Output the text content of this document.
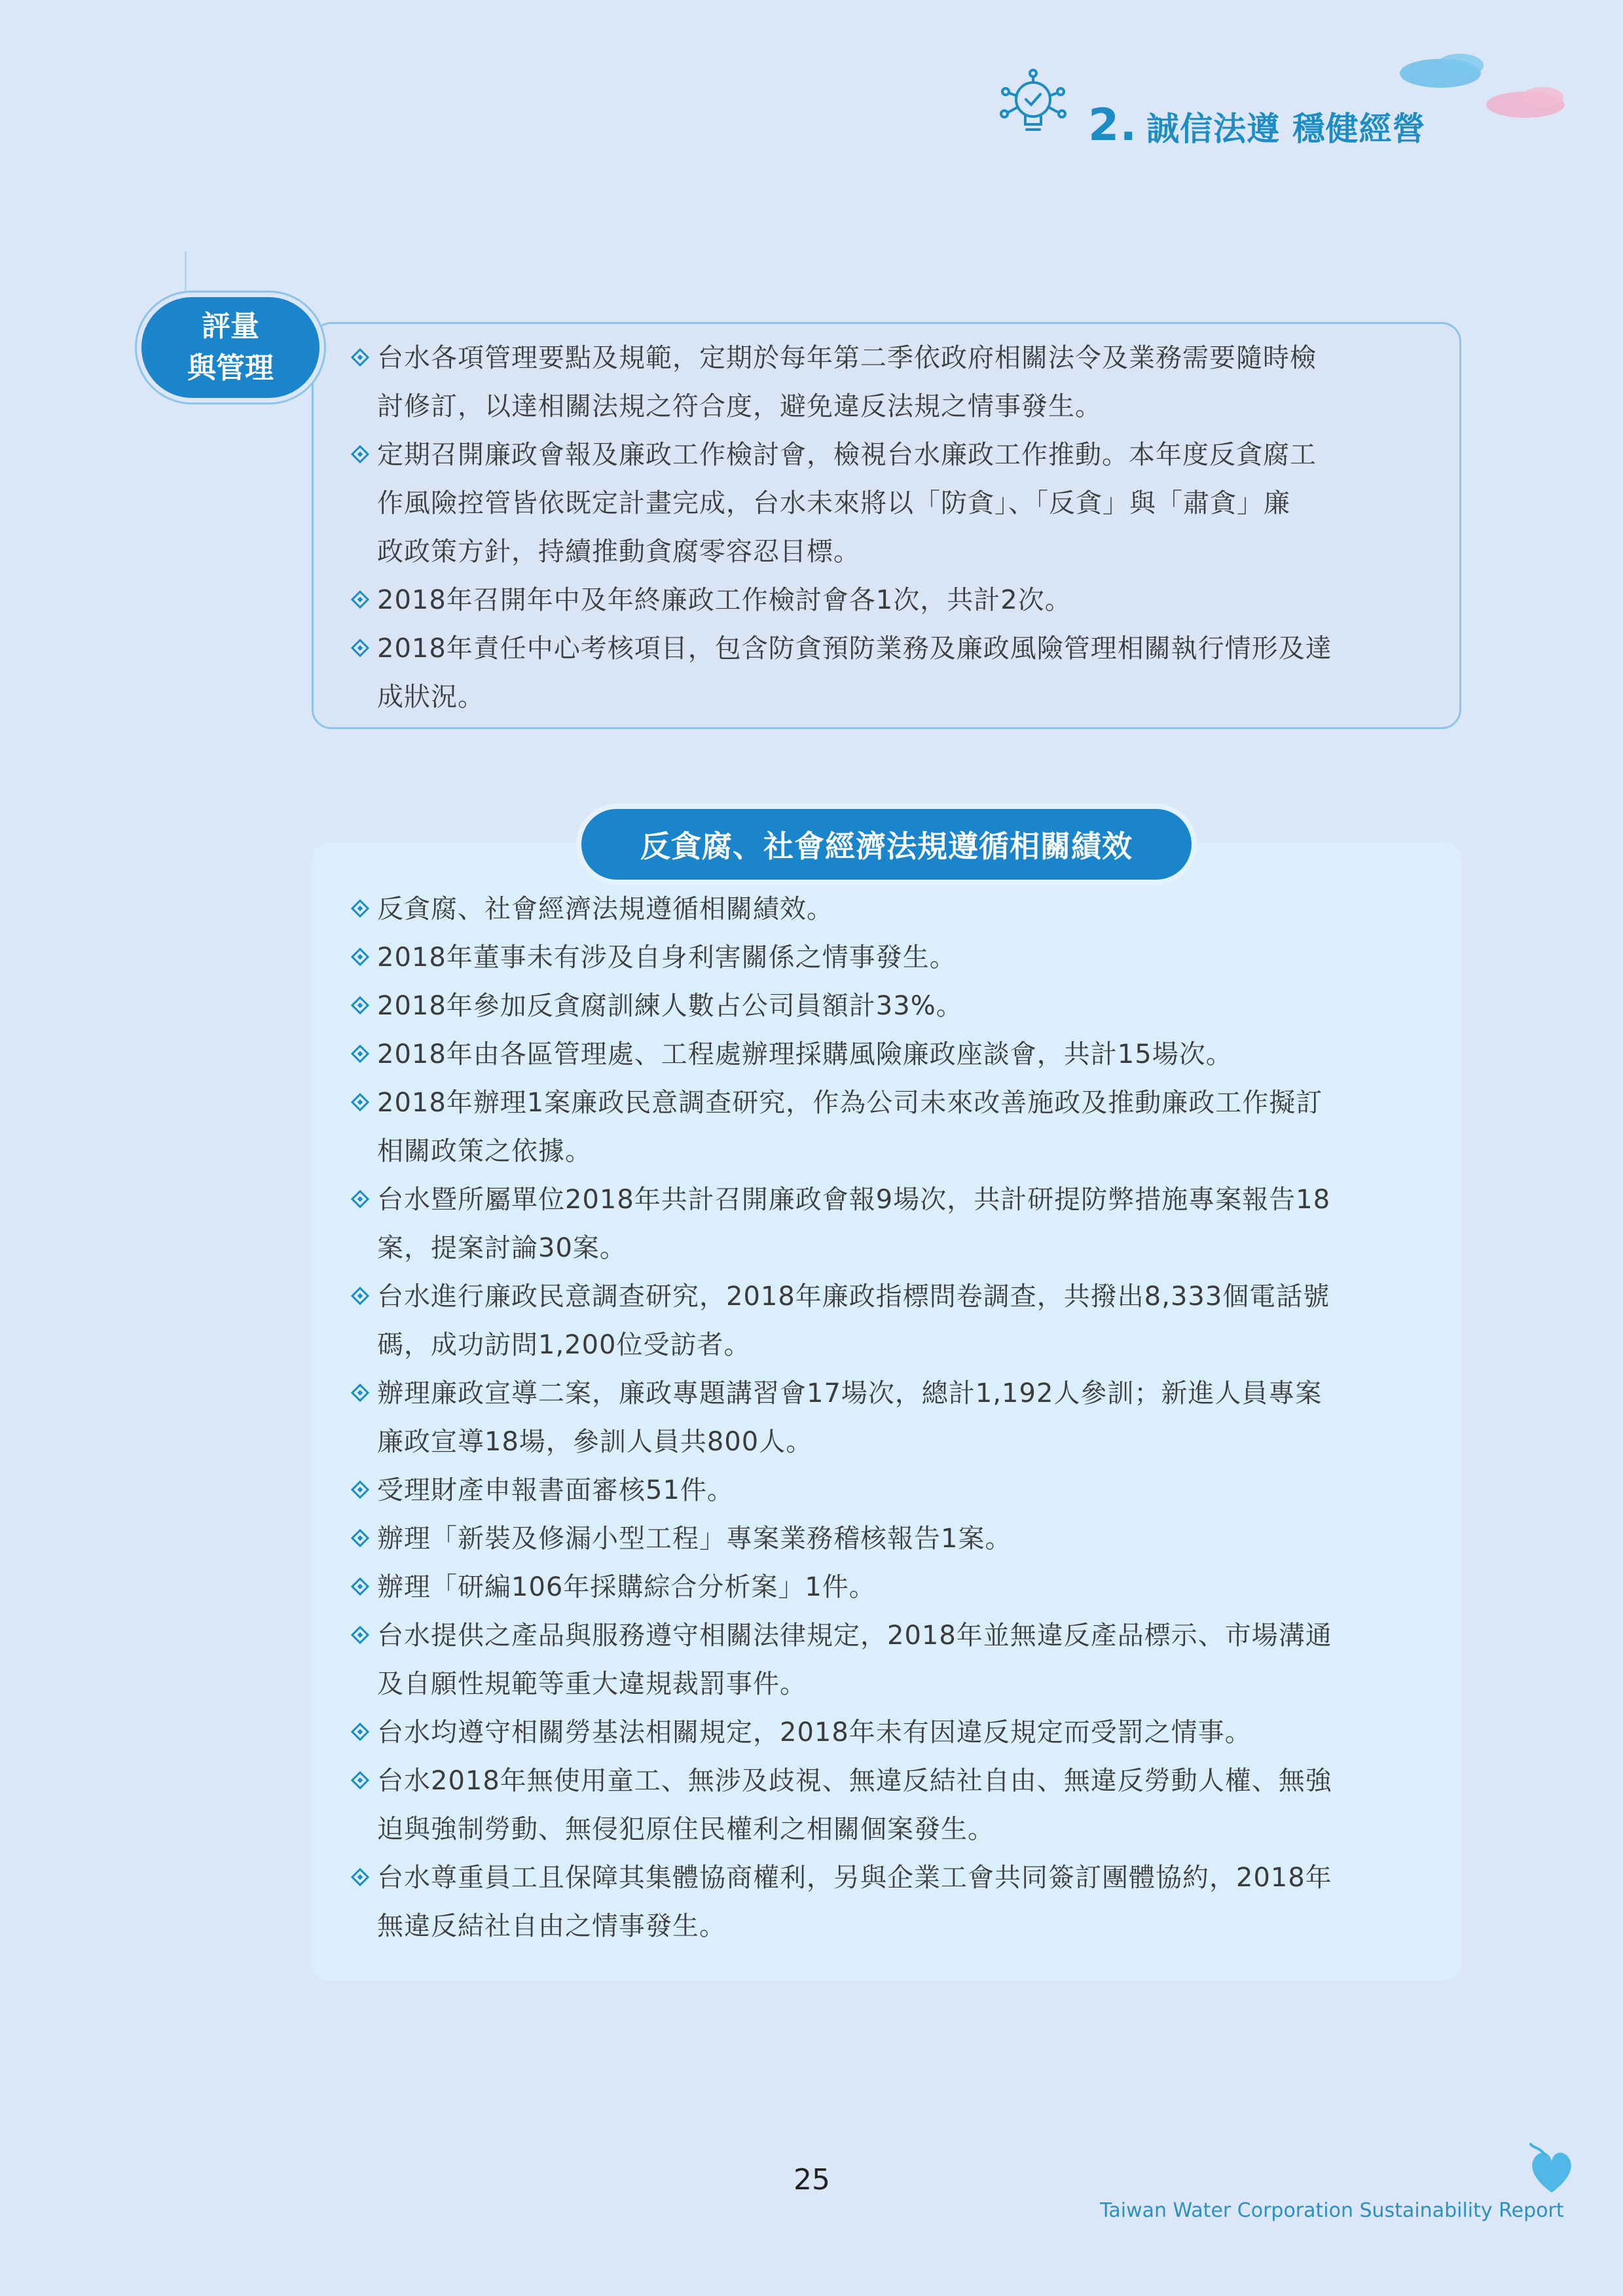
2. 誠信法遵 穩健經營
評量
與管理	台水各項管理要點及規範，定期於每年第二季依政府相關法令及業務需要隨時檢
討修訂，以達相關法規之符合度，避免違反法規之情事發生。
定期召開廉政會報及廉政工作檢討會，檢視台水廉政工作推動。本年度反貪腐工
作風險控管皆依既定計畫完成，台水未來將以「防貪」、「反貪」與「肅貪」廉
政政策方針，持續推動貪腐零容忍目標。
2018年召開年中及年終廉政工作檢討會各1次，共計2次。
2018年責任中心考核項目，包含防貪預防業務及廉政風險管理相關執行情形及達
成狀況。
反貪腐、社會經濟法規遵循相關績效
反貪腐、社會經濟法規遵循相關績效。
2018年董事未有涉及自身利害關係之情事發生。
2018年參加反貪腐訓練人數占公司員額計33%。
2018年由各區管理處、工程處辦理採購風險廉政座談會，共計15場次。
2018年辦理1案廉政民意調查研究，作為公司未來改善施政及推動廉政工作擬訂
相關政策之依據。
台水暨所屬單位2018年共計召開廉政會報9場次，共計研提防弊措施專案報告18
案，提案討論30案。
台水進行廉政民意調查研究，2018年廉政指標問卷調查，共撥出8,333個電話號
碼，成功訪問1,200位受訪者。
辦理廉政宣導二案，廉政專題講習會17場次，總計1,192人參訓；新進人員專案
廉政宣導18場，參訓人員共800人。
受理財產申報書面審核51件。
辦理「新裝及修漏小型工程」專案業務稽核報告1案。
辦理「研編106年採購綜合分析案」1件。
台水提供之產品與服務遵守相關法律規定，2018年並無違反產品標示、市場溝通
及自願性規範等重大違規裁罰事件。
台水均遵守相關勞基法相關規定，2018年未有因違反規定而受罰之情事。
台水2018年無使用童工、無涉及歧視、無違反結社自由、無違反勞動人權、無強
迫與強制勞動、無侵犯原住民權利之相關個案發生。
台水尊重員工且保障其集體協商權利，另與企業工會共同簽訂團體協約，2018年
無違反結社自由之情事發生。
25
Taiwan Water Corporation Sustainability Report
